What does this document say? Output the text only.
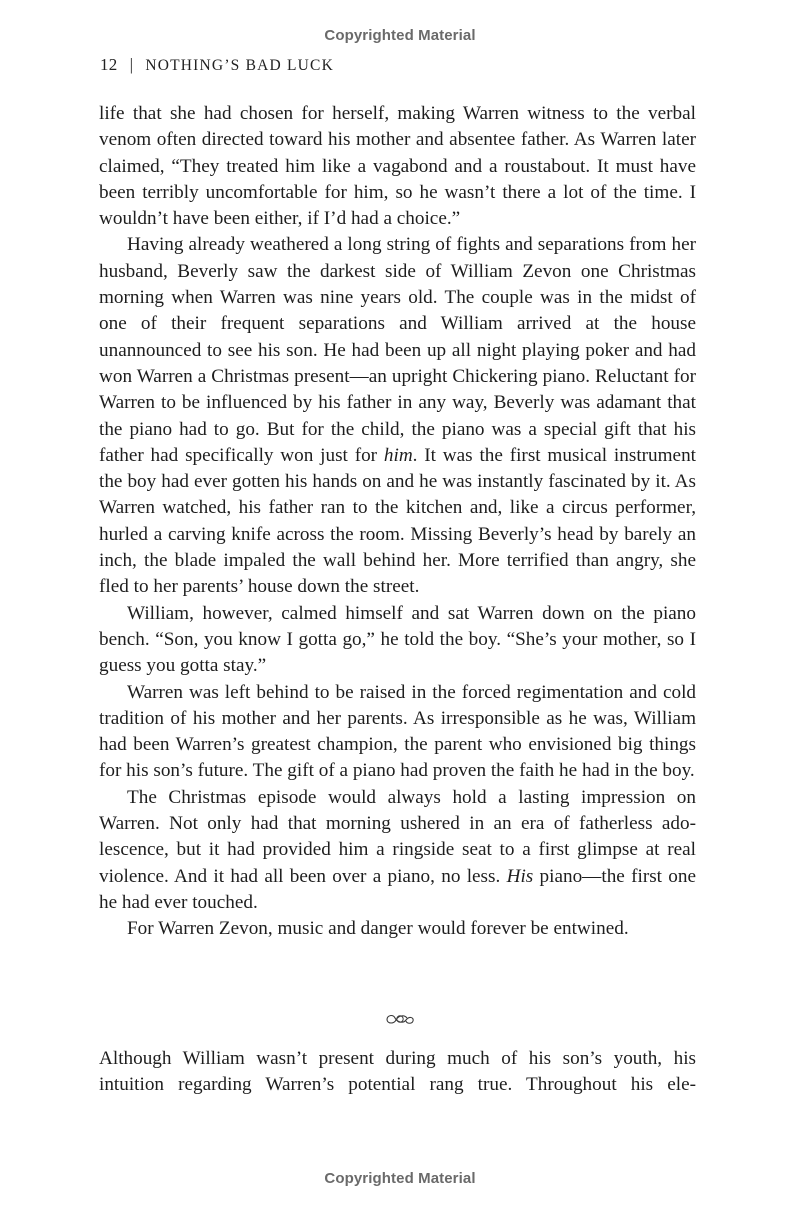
Copyrighted Material
12 | NOTHING’S BAD LUCK

life that she had chosen for herself, making Warren witness to the verbal venom often directed toward his mother and absentee father. As Warren later claimed, “They treated him like a vagabond and a roustabout. It must have been terribly uncomfortable for him, so he wasn’t there a lot of the time. I wouldn’t have been either, if I’d had a choice.”

Having already weathered a long string of fights and separations from her husband, Beverly saw the darkest side of William Zevon one Christmas morning when Warren was nine years old. The couple was in the midst of one of their frequent separations and William arrived at the house unannounced to see his son. He had been up all night playing poker and had won Warren a Christmas present—an upright Chickering piano. Reluctant for Warren to be influenced by his father in any way, Beverly was adamant that the piano had to go. But for the child, the piano was a special gift that his father had specifically won just for him. It was the first musical instrument the boy had ever gotten his hands on and he was instantly fascinated by it. As Warren watched, his father ran to the kitchen and, like a circus performer, hurled a carving knife across the room. Missing Beverly’s head by barely an inch, the blade impaled the wall behind her. More terrified than angry, she fled to her parents’ house down the street.

William, however, calmed himself and sat Warren down on the piano bench. “Son, you know I gotta go,” he told the boy. “She’s your mother, so I guess you gotta stay.”

Warren was left behind to be raised in the forced regimentation and cold tradition of his mother and her parents. As irresponsible as he was, William had been Warren’s greatest champion, the parent who envisioned big things for his son’s future. The gift of a piano had proven the faith he had in the boy.

The Christmas episode would always hold a lasting impression on Warren. Not only had that morning ushered in an era of fatherless adolescence, but it had provided him a ringside seat to a first glimpse at real violence. And it had all been over a piano, no less. His piano—the first one he had ever touched.

For Warren Zevon, music and danger would forever be entwined.

Although William wasn’t present during much of his son’s youth, his intuition regarding Warren’s potential rang true. Throughout his ele-

Copyrighted Material
